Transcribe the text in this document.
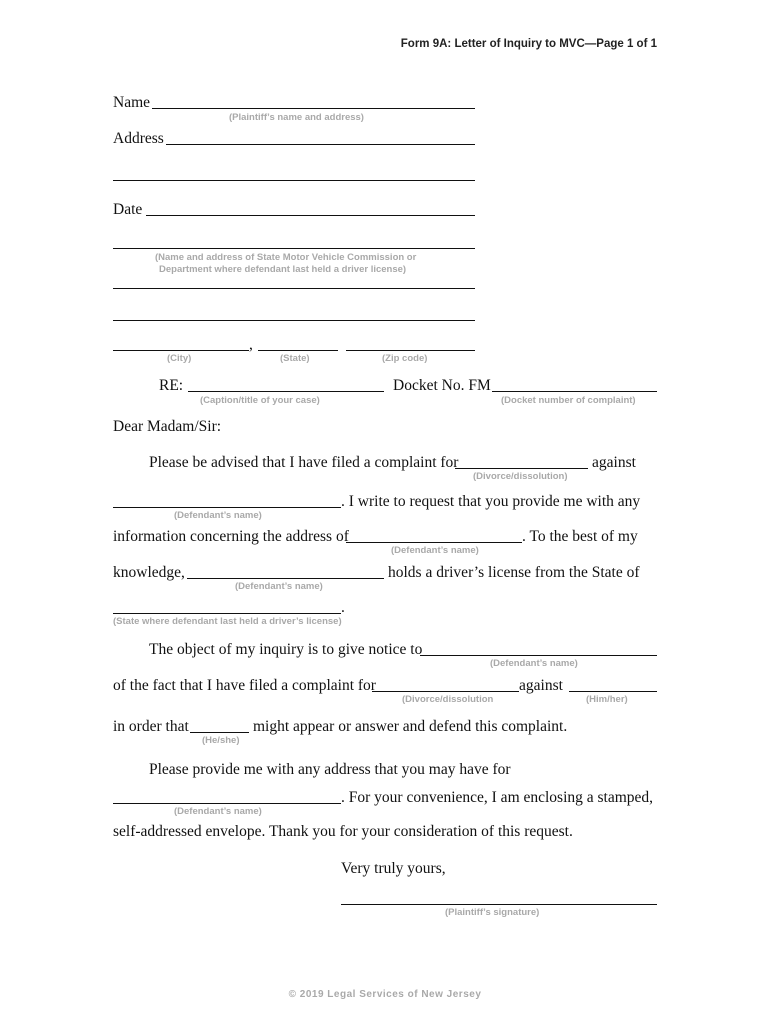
Form 9A: Letter of Inquiry to MVC—Page 1 of 1
Name
(Plaintiff’s name and address)
Address
Date
(Name and address of State Motor Vehicle Commission or
Department where defendant last held a driver license)
,
(City)	(State)	(Zip code)
RE:
(Caption/title of your case)
Docket No. FM
(Docket number of complaint)
Dear Madam/Sir:
Please be advised that I have filed a complaint for	against
(Divorce/dissolution)
. I write to request that you provide me with any
(Defendant’s name)
information concerning the address of	. To the best of my
(Defendant’s name)
knowledge,	holds a driver’s license from the State of
(Defendant’s name)
.
(State where defendant last held a driver’s license)
The object of my inquiry is to give notice to
(Defendant’s name)
of the fact that I have filed a complaint for	against
(Divorce/dissolution	(Him/her)
in order that	might appear or answer and defend this complaint.
(He/she)
Please provide me with any address that you may have for
. For your convenience, I am enclosing a stamped,
(Defendant’s name)
self-addressed envelope. Thank you for your consideration of this request.
Very truly yours,
(Plaintiff’s signature)
© 2019 Legal Services of New Jersey
